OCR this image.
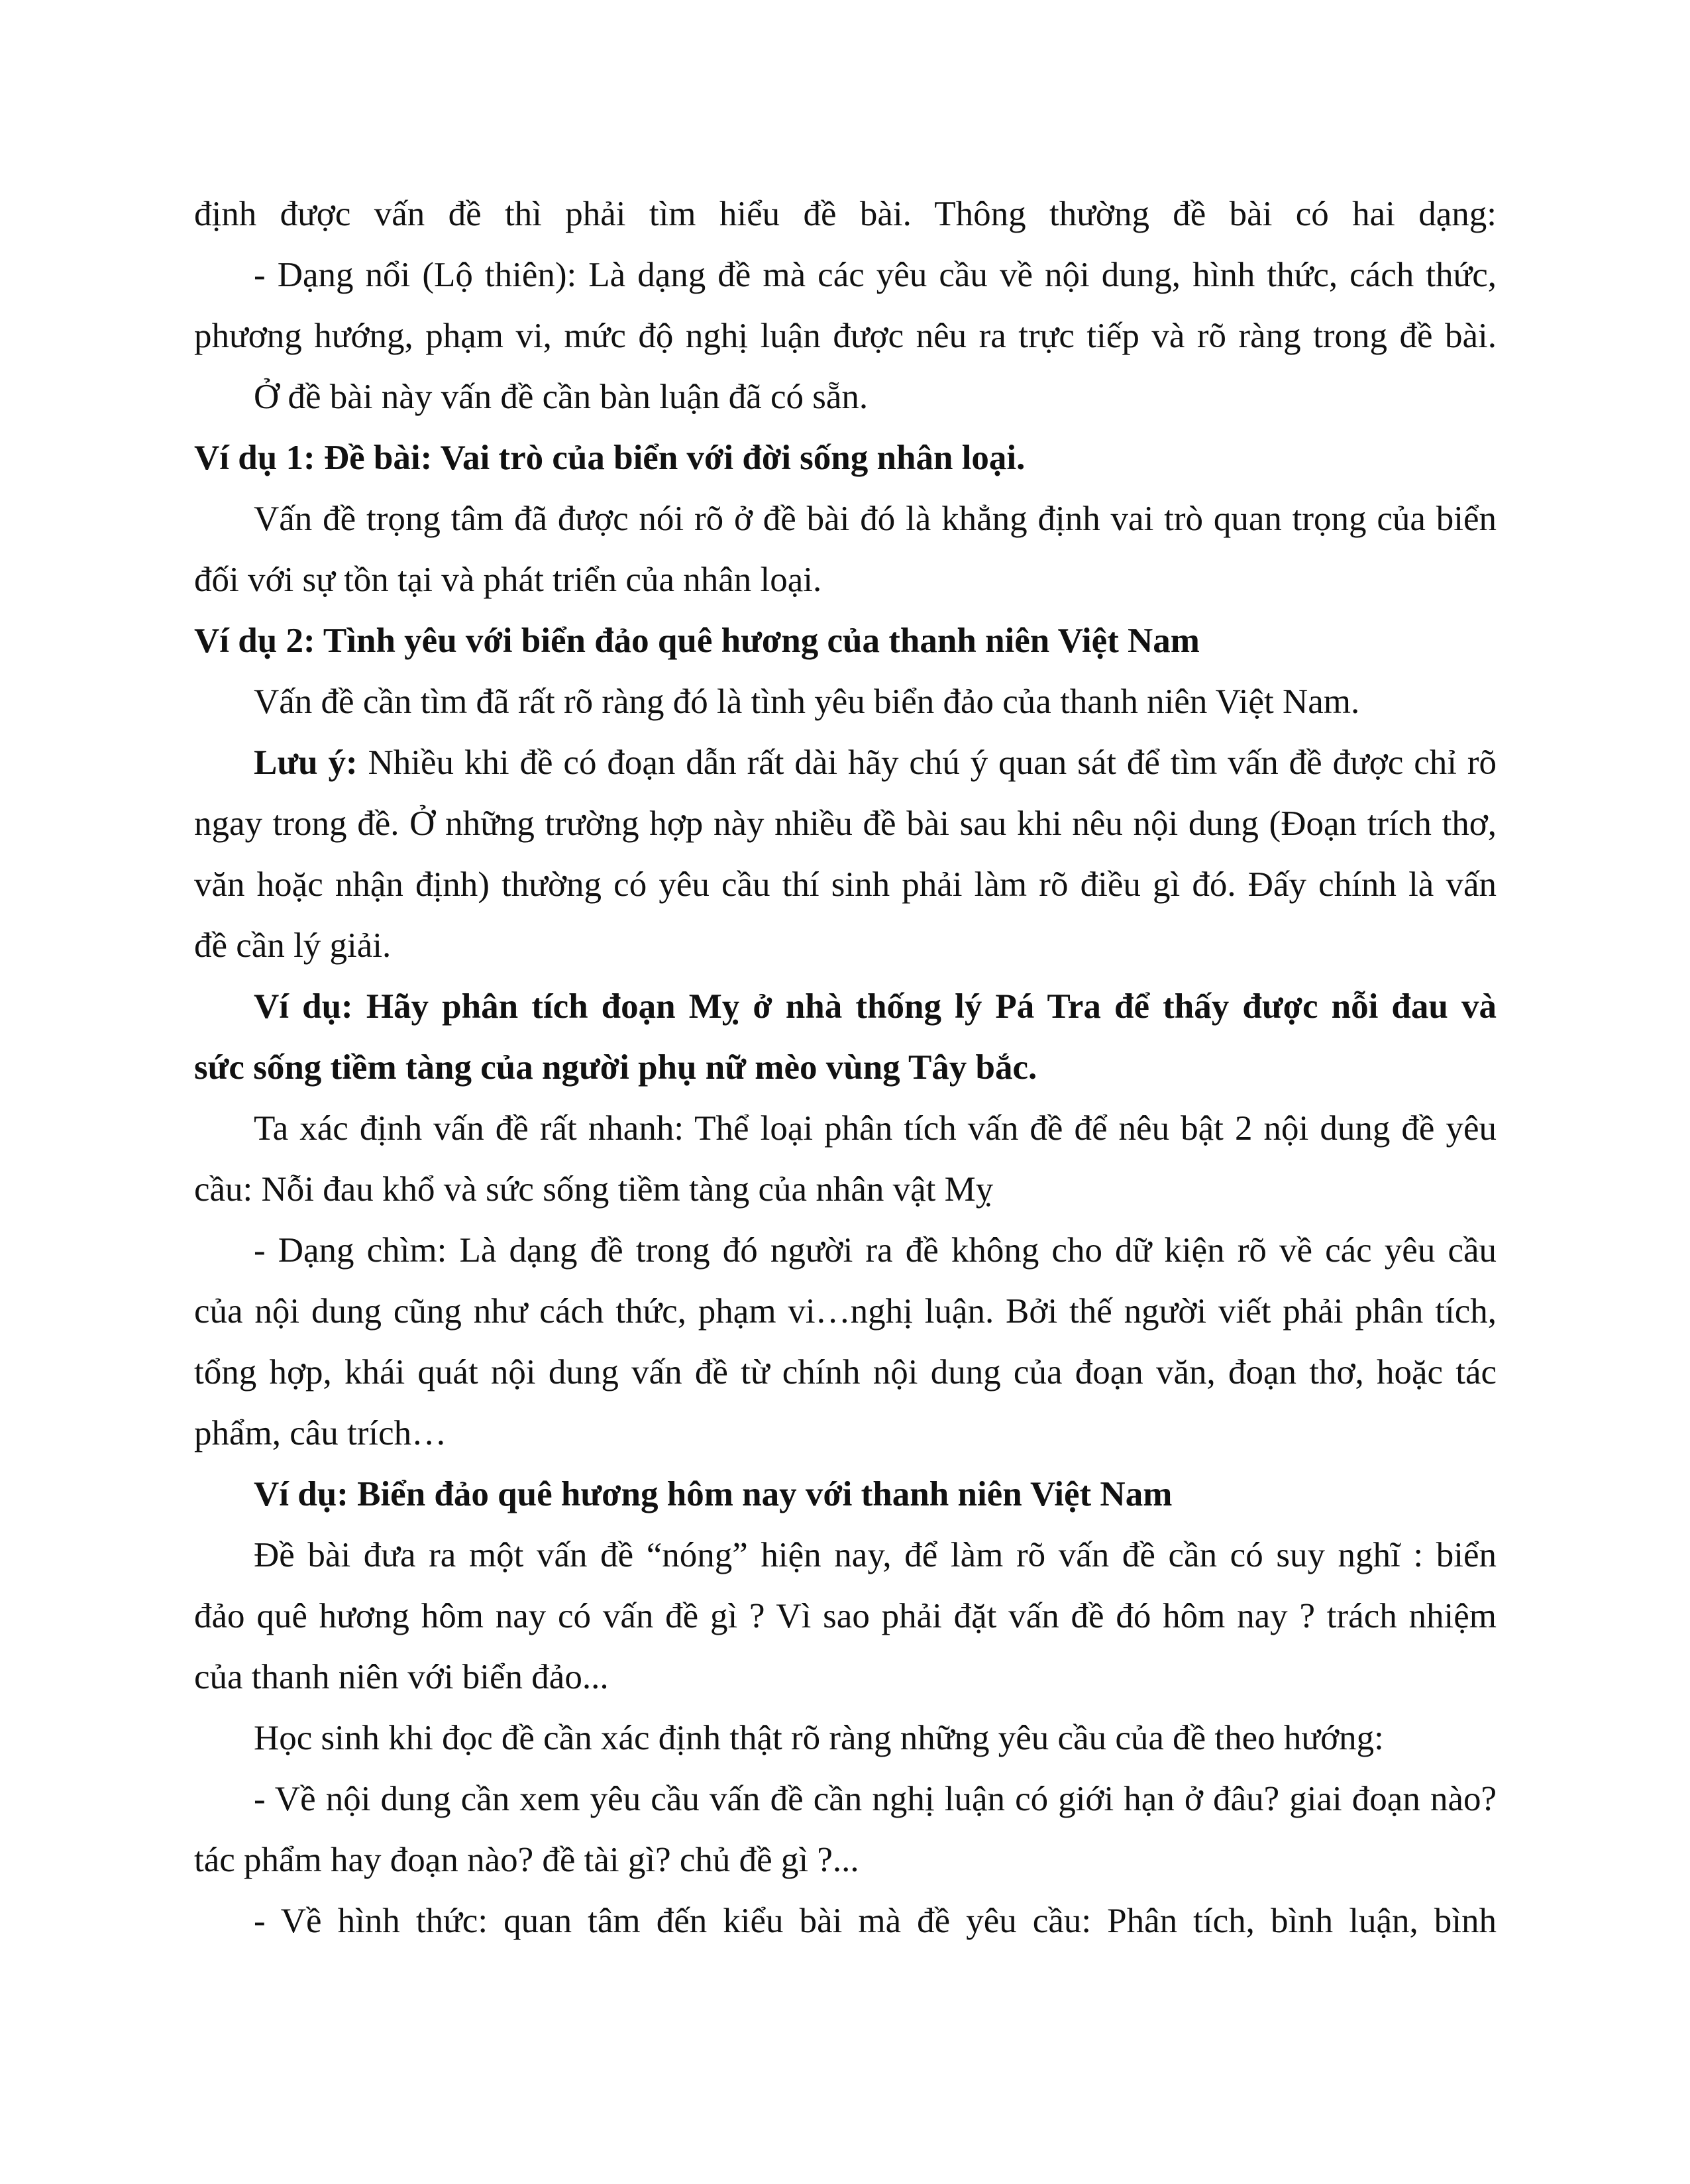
định được vấn đề thì phải tìm hiểu đề bài. Thông thường đề bài có hai dạng:
- Dạng nổi (Lộ thiên): Là dạng đề mà các yêu cầu về nội dung, hình thức, cách thức,
phương hướng, phạm vi, mức độ nghị luận được nêu ra trực tiếp và rõ ràng trong đề bài.
Ở đề bài này vấn đề cần bàn luận đã có sẵn.
Ví dụ 1: Đề bài: Vai trò của biển với đời sống nhân loại.
Vấn đề trọng tâm đã được nói rõ ở đề bài đó là khẳng định vai trò quan trọng của biển
đối với sự tồn tại và phát triển của nhân loại.
Ví dụ 2: Tình yêu với biển đảo quê hương của thanh niên Việt Nam
Vấn đề cần tìm đã rất rõ ràng đó là tình yêu biển đảo của thanh niên Việt Nam.
Lưu ý: Nhiều khi đề có đoạn dẫn rất dài hãy chú ý quan sát để tìm vấn đề được chỉ rõ
ngay trong đề. Ở những trường hợp này nhiều đề bài sau khi nêu nội dung (Đoạn trích thơ,
văn hoặc nhận định) thường có yêu cầu thí sinh phải làm rõ điều gì đó. Đấy chính là vấn
đề cần lý giải.
Ví dụ: Hãy phân tích đoạn Mỵ ở nhà thống lý Pá Tra để thấy được nỗi đau và
sức sống tiềm tàng của người phụ nữ mèo vùng Tây bắc.
Ta xác định vấn đề rất nhanh: Thể loại phân tích vấn đề để nêu bật 2 nội dung đề yêu
cầu: Nỗi đau khổ và sức sống tiềm tàng của nhân vật Mỵ
- Dạng chìm: Là dạng đề trong đó người ra đề không cho dữ kiện rõ về các yêu cầu
của nội dung cũng như cách thức, phạm vi…nghị luận. Bởi thế người viết phải phân tích,
tổng hợp, khái quát nội dung vấn đề từ chính nội dung của đoạn văn, đoạn thơ, hoặc tác
phẩm, câu trích…
Ví dụ: Biển đảo quê hương hôm nay với thanh niên Việt Nam
Đề bài đưa ra một vấn đề “nóng” hiện nay, để làm rõ vấn đề cần có suy nghĩ : biển
đảo quê hương hôm nay có vấn đề gì ? Vì sao phải đặt vấn đề đó hôm nay ? trách nhiệm
của thanh niên với biển đảo...
Học sinh khi đọc đề cần xác định thật rõ ràng những yêu cầu của đề theo hướng:
- Về nội dung cần xem yêu cầu vấn đề cần nghị luận có giới hạn ở đâu? giai đoạn nào?
tác phẩm hay đoạn nào? đề tài gì? chủ đề gì ?...
- Về hình thức: quan tâm đến kiểu bài mà đề yêu cầu: Phân tích, bình luận, bình
